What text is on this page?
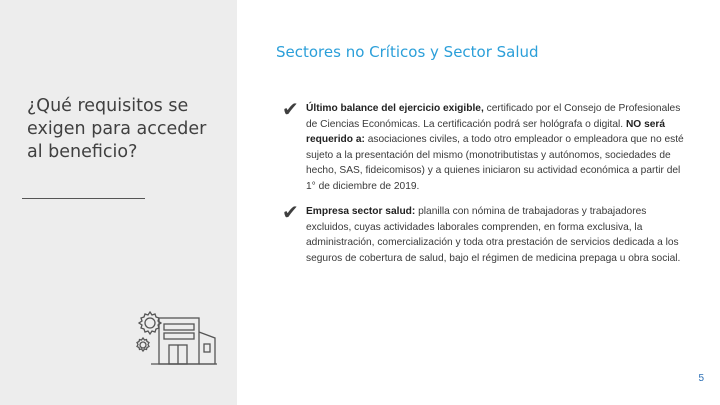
¿Qué requisitos se exigen para acceder al beneficio?
Sectores no Críticos y Sector Salud
✔ Último balance del ejercicio exigible, certificado por el Consejo de Profesionales de Ciencias Económicas. La certificación podrá ser hológrafa o digital. NO será requerido a: asociaciones civiles, a todo otro empleador o empleadora que no esté sujeto a la presentación del mismo (monotributistas y autónomos, sociedades de hecho, SAS, fideicomisos) y a quienes iniciaron su actividad económica a partir del 1° de diciembre de 2019.
✔ Empresa sector salud: planilla con nómina de trabajadoras y trabajadores excluidos, cuyas actividades laborales comprenden, en forma exclusiva, la administración, comercialización y toda otra prestación de servicios dedicada a los seguros de cobertura de salud, bajo el régimen de medicina prepaga u obra social.
5
